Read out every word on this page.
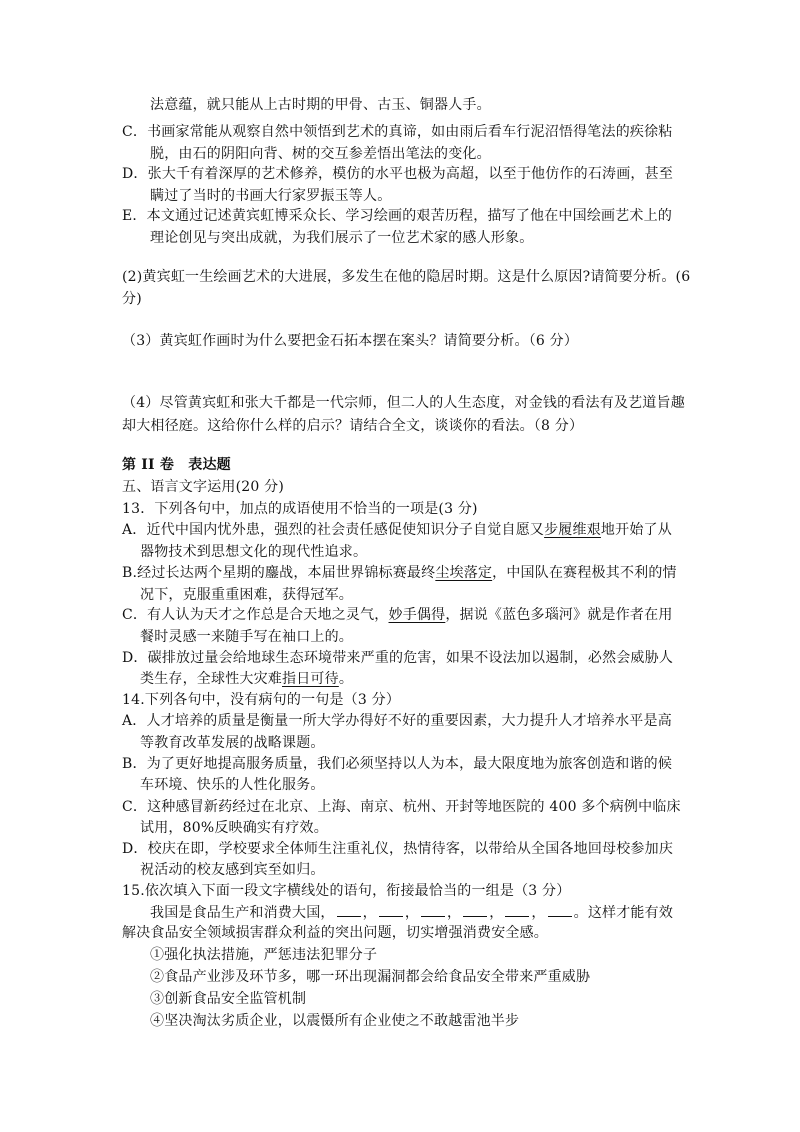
法意蕴，就只能从上古时期的甲骨、古玉、铜器人手。
C．书画家常能从观察自然中领悟到艺术的真谛，如由雨后看车行泥沼悟得笔法的疾徐粘
脱，由石的阴阳向背、树的交互参差悟出笔法的变化。
D．张大千有着深厚的艺术修养，模仿的水平也极为高超，以至于他仿作的石涛画，甚至
瞒过了当时的书画大行家罗振玉等人。
E．本文通过记述黄宾虹博采众长、学习绘画的艰苦历程，描写了他在中国绘画艺术上的
理论创见与突出成就，为我们展示了一位艺术家的感人形象。
(2)黄宾虹一生绘画艺术的大进展，多发生在他的隐居时期。这是什么原因?请简要分析。(6
分)
（3）黄宾虹作画时为什么要把金石拓本摆在案头？请简要分析。（6 分）
（4）尽管黄宾虹和张大千都是一代宗师，但二人的人生态度，对金钱的看法有及艺道旨趣
却大相径庭。这给你什么样的启示？请结合全文，谈谈你的看法。（8 分）
第 II 卷　表达题
五、语言文字运用(20 分)
13．下列各句中，加点的成语使用不恰当的一项是(3 分)
A．近代中国内忧外患，强烈的社会责任感促使知识分子自觉自愿又步履维艰地开始了从
器物技术到思想文化的现代性追求。
B.经过长达两个星期的鏖战，本届世界锦标赛最终尘埃落定，中国队在赛程极其不利的情
况下，克服重重困难，获得冠军。
C．有人认为天才之作总是合天地之灵气，妙手偶得，据说《蓝色多瑙河》就是作者在用
餐时灵感一来随手写在袖口上的。
D．碳排放过量会给地球生态环境带来严重的危害，如果不设法加以遏制，必然会威胁人
类生存，全球性大灾难指日可待。
14.下列各句中，没有病句的一句是（3 分）
A．人才培养的质量是衡量一所大学办得好不好的重要因素，大力提升人才培养水平是高
等教育改革发展的战略课题。
B．为了更好地提高服务质量，我们必须坚持以人为本，最大限度地为旅客创造和谐的候
车环境、快乐的人性化服务。
C．这种感冒新药经过在北京、上海、南京、杭州、开封等地医院的 400 多个病例中临床
试用，80%反映确实有疗效。
D．校庆在即，学校要求全体师生注重礼仪，热情待客，以带给从全国各地回母校参加庆
祝活动的校友感到宾至如归。
15.依次填入下面一段文字横线处的语句，衔接最恰当的一组是（3 分）
我国是食品生产和消费大国， ， ， ， ， ， 。这样才能有效
解决食品安全领域损害群众利益的突出问题，切实增强消费安全感。
①强化执法措施，严惩违法犯罪分子
②食品产业涉及环节多，哪一环出现漏洞都会给食品安全带来严重威胁
③创新食品安全监管机制
④坚决淘汰劣质企业，以震慑所有企业使之不敢越雷池半步
